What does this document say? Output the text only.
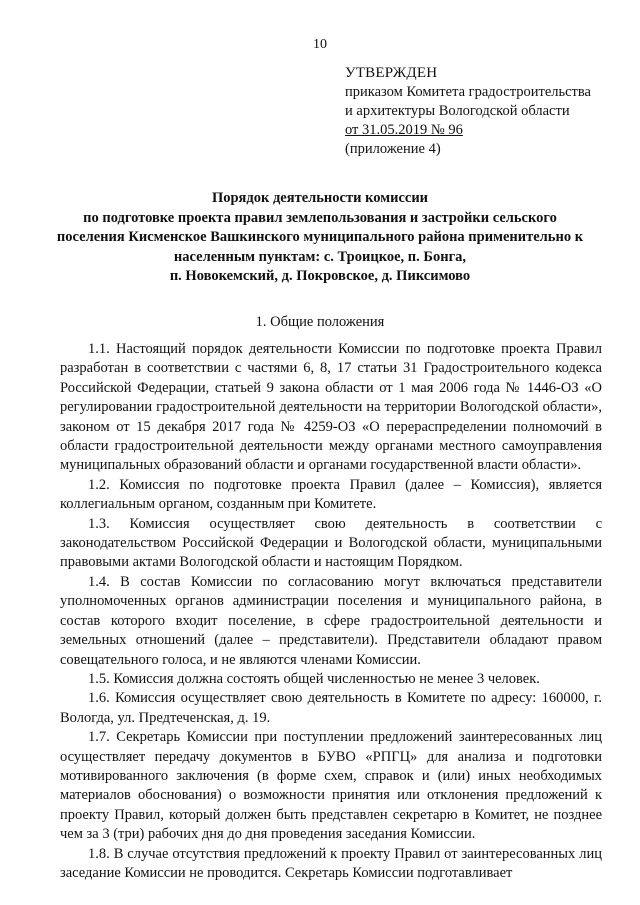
10
УТВЕРЖДЕН
приказом Комитета градостроительства
и архитектуры Вологодской области
от 31.05.2019 № 96
(приложение 4)
Порядок деятельности комиссии
по подготовке проекта правил землепользования и застройки сельского
поселения Кисменское Вашкинского муниципального района применительно к
населенным пунктам: с. Троицкое, п. Бонга,
п. Новокемский, д. Покровское, д. Пиксимово
1. Общие положения

1.1. Настоящий порядок деятельности Комиссии по подготовке проекта Правил разработан в соответствии с частями 6, 8, 17 статьи 31 Градостроительного кодекса Российской Федерации, статьей 9 закона области от 1 мая 2006 года № 1446-ОЗ «О регулировании градостроительной деятельности на территории Вологодской области», законом от 15 декабря 2017 года № 4259-ОЗ «О перераспределении полномочий в области градостроительной деятельности между органами местного самоуправления муниципальных образований области и органами государственной власти области».

1.2. Комиссия по подготовке проекта Правил (далее – Комиссия), является коллегиальным органом, созданным при Комитете.

1.3. Комиссия осуществляет свою деятельность в соответствии с законодательством Российской Федерации и Вологодской области, муниципальными правовыми актами Вологодской области и настоящим Порядком.

1.4. В состав Комиссии по согласованию могут включаться представители уполномоченных органов администрации поселения и муниципального района, в состав которого входит поселение, в сфере градостроительной деятельности и земельных отношений (далее – представители). Представители обладают правом совещательного голоса, и не являются членами Комиссии.

1.5. Комиссия должна состоять общей численностью не менее 3 человек.

1.6. Комиссия осуществляет свою деятельность в Комитете по адресу: 160000, г. Вологда, ул. Предтеченская, д. 19.

1.7. Секретарь Комиссии при поступлении предложений заинтересованных лиц осуществляет передачу документов в БУВО «РПГЦ» для анализа и подготовки мотивированного заключения (в форме схем, справок и (или) иных необходимых материалов обоснования) о возможности принятия или отклонения предложений к проекту Правил, который должен быть представлен секретарю в Комитет, не позднее чем за 3 (три) рабочих дня до дня проведения заседания Комиссии.

1.8. В случае отсутствия предложений к проекту Правил от заинтересованных лиц заседание Комиссии не проводится. Секретарь Комиссии подготавливает
